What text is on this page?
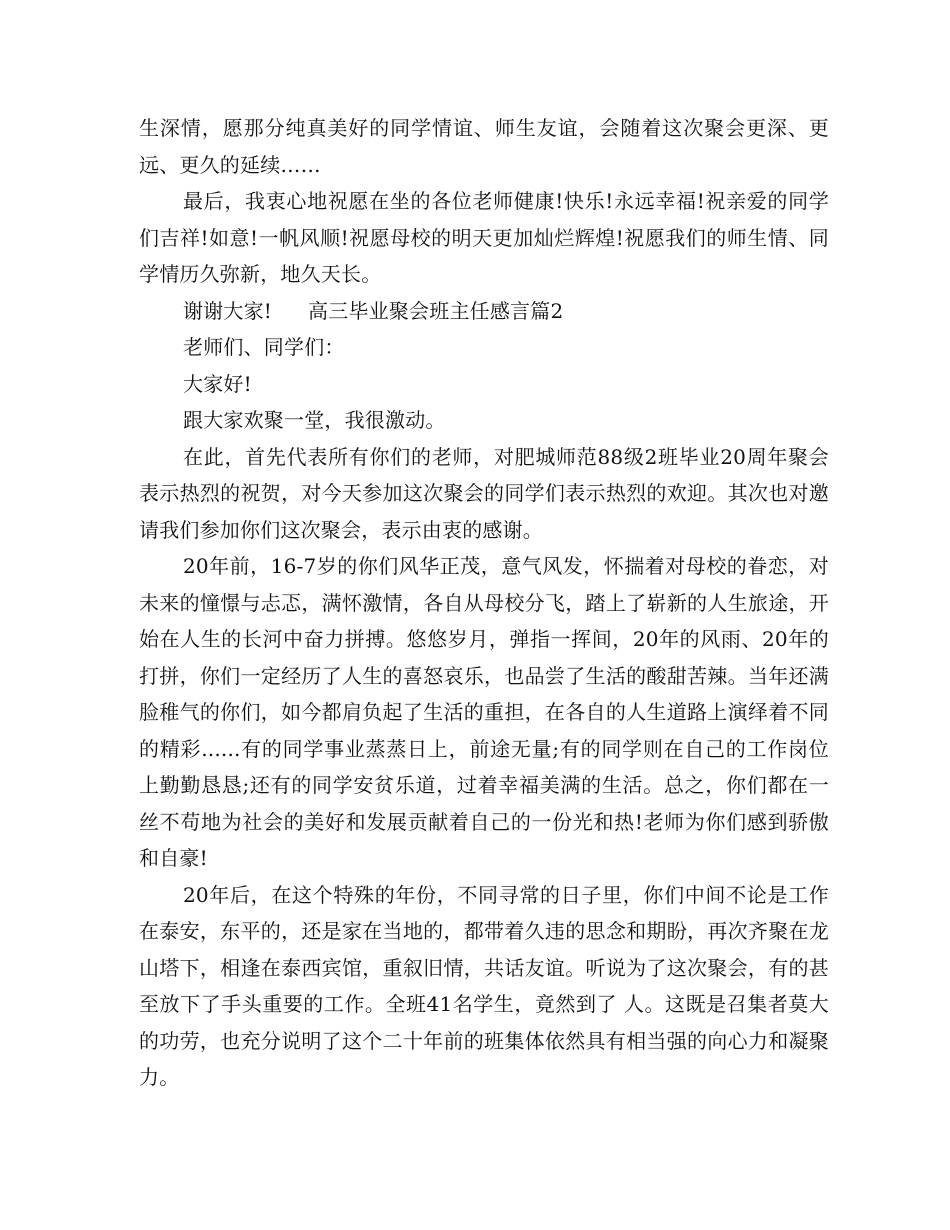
生深情，愿那分纯真美好的同学情谊、师生友谊，会随着这次聚会更深、更远、更久的延续……

最后，我衷心地祝愿在坐的各位老师健康!快乐!永远幸福!祝亲爱的同学们吉祥!如意!一帆风顺!祝愿母校的明天更加灿烂辉煌!祝愿我们的师生情、同学情历久弥新，地久天长。

谢谢大家! 高三毕业聚会班主任感言篇2

老师们、同学们：

大家好!

跟大家欢聚一堂，我很激动。

在此，首先代表所有你们的老师，对肥城师范88级2班毕业20周年聚会表示热烈的祝贺，对今天参加这次聚会的同学们表示热烈的欢迎。其次也对邀请我们参加你们这次聚会，表示由衷的感谢。

20年前，16-7岁的你们风华正茂，意气风发，怀揣着对母校的眷恋，对未来的憧憬与忐忑，满怀激情，各自从母校分飞，踏上了崭新的人生旅途，开始在人生的长河中奋力拼搏。悠悠岁月，弹指一挥间，20年的风雨、20年的打拼，你们一定经历了人生的喜怒哀乐，也品尝了生活的酸甜苦辣。当年还满脸稚气的你们，如今都肩负起了生活的重担，在各自的人生道路上演绎着不同的精彩......有的同学事业蒸蒸日上，前途无量;有的同学则在自己的工作岗位上勤勤恳恳;还有的同学安贫乐道，过着幸福美满的生活。总之，你们都在一丝不苟地为社会的美好和发展贡献着自己的一份光和热!老师为你们感到骄傲和自豪!

20年后，在这个特殊的年份，不同寻常的日子里，你们中间不论是工作在泰安，东平的，还是家在当地的，都带着久违的思念和期盼，再次齐聚在龙山塔下，相逢在泰西宾馆，重叙旧情，共话友谊。听说为了这次聚会，有的甚至放下了手头重要的工作。全班41名学生，竟然到了 人。这既是召集者莫大的功劳，也充分说明了这个二十年前的班集体依然具有相当强的向心力和凝聚力。
